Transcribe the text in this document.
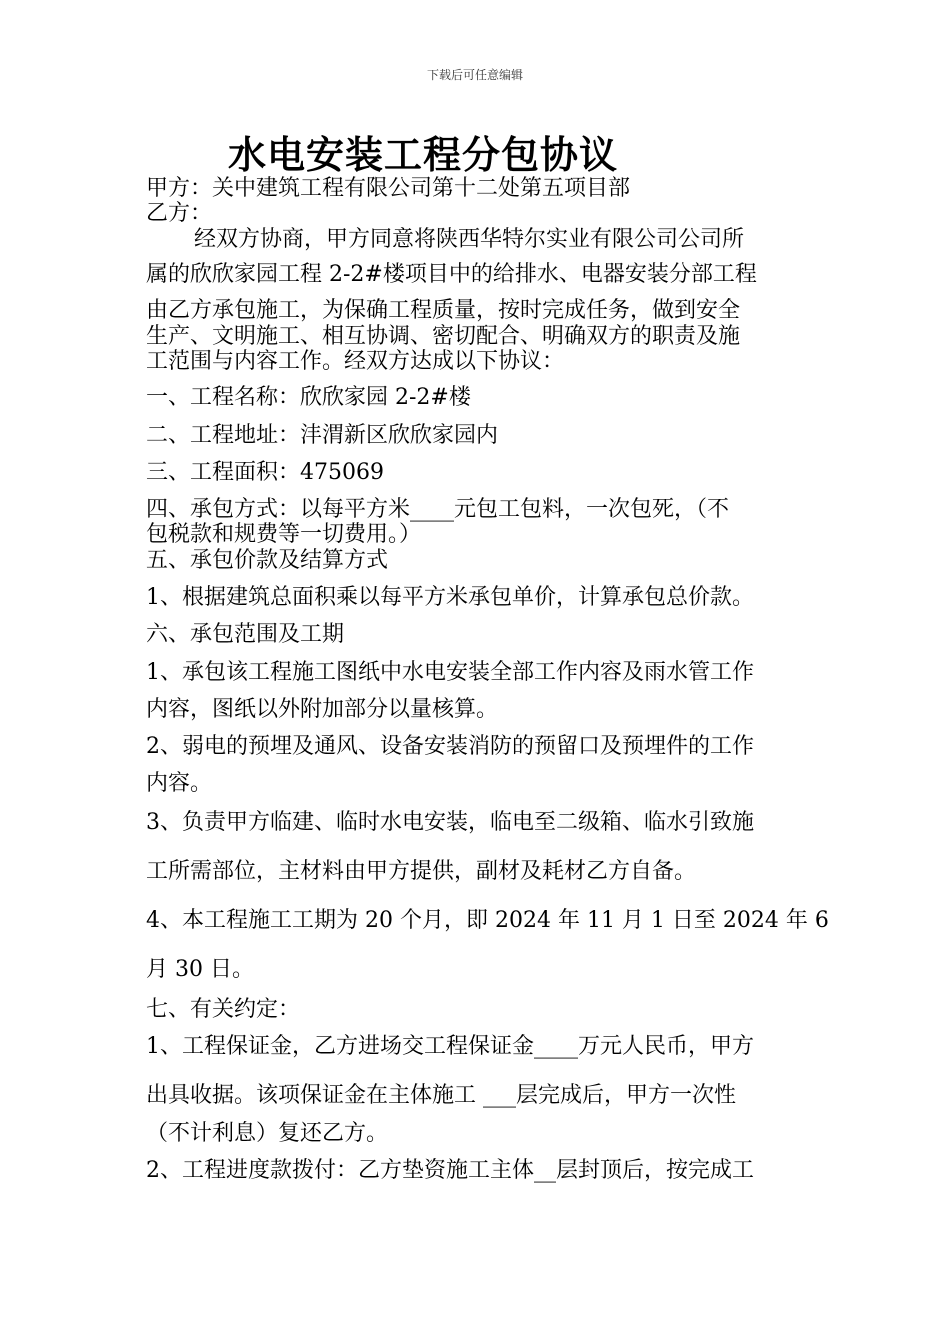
下载后可任意编辑
水电安装工程分包协议
甲方：关中建筑工程有限公司第十二处第五项目部
乙方：
经双方协商，甲方同意将陕西华特尔实业有限公司公司所
属的欣欣家园工程 2-2#楼项目中的给排水、电器安装分部工程
由乙方承包施工，为保确工程质量，按时完成任务，做到安全
生产、文明施工、相互协调、密切配合、明确双方的职责及施
工范围与内容工作。经双方达成以下协议：
一、工程名称：欣欣家园 2-2#楼
二、工程地址：沣渭新区欣欣家园内
三、工程面积：475069
四、承包方式：以每平方米____元包工包料，一次包死，（不
包税款和规费等一切费用。）
五、承包价款及结算方式
1、根据建筑总面积乘以每平方米承包单价，计算承包总价款。
六、承包范围及工期
1、承包该工程施工图纸中水电安装全部工作内容及雨水管工作
内容，图纸以外附加部分以量核算。
2、弱电的预埋及通风、设备安装消防的预留口及预埋件的工作
内容。
3、负责甲方临建、临时水电安装，临电至二级箱、临水引致施
工所需部位，主材料由甲方提供，副材及耗材乙方自备。
4、本工程施工工期为 20 个月，即 2024 年 11 月 1 日至 2024 年 6
月 30 日。
七、有关约定：
1、工程保证金，乙方进场交工程保证金____万元人民币，甲方
出具收据。该项保证金在主体施工 ___层完成后，甲方一次性
（不计利息）复还乙方。
2、工程进度款拨付：乙方垫资施工主体__层封顶后，按完成工
